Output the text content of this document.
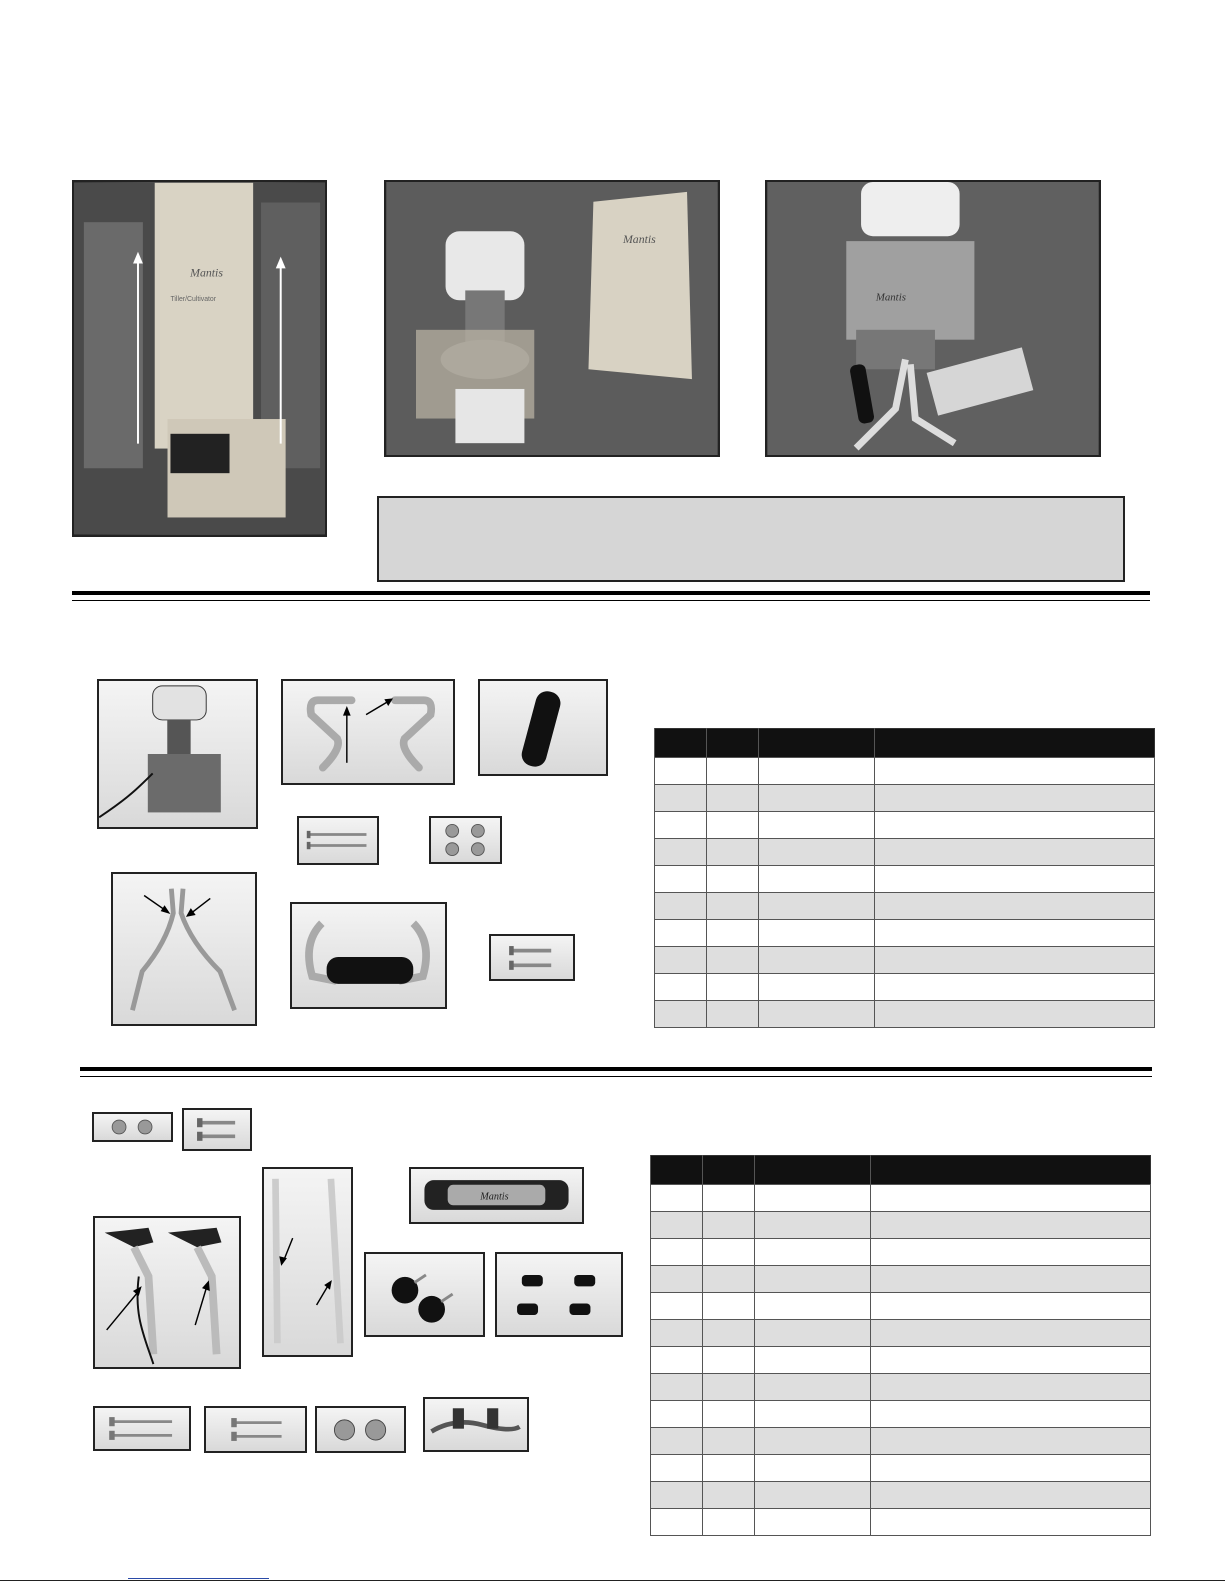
Mantis
Tiller/Cultivator
Mantis
Mantis

Mantis
